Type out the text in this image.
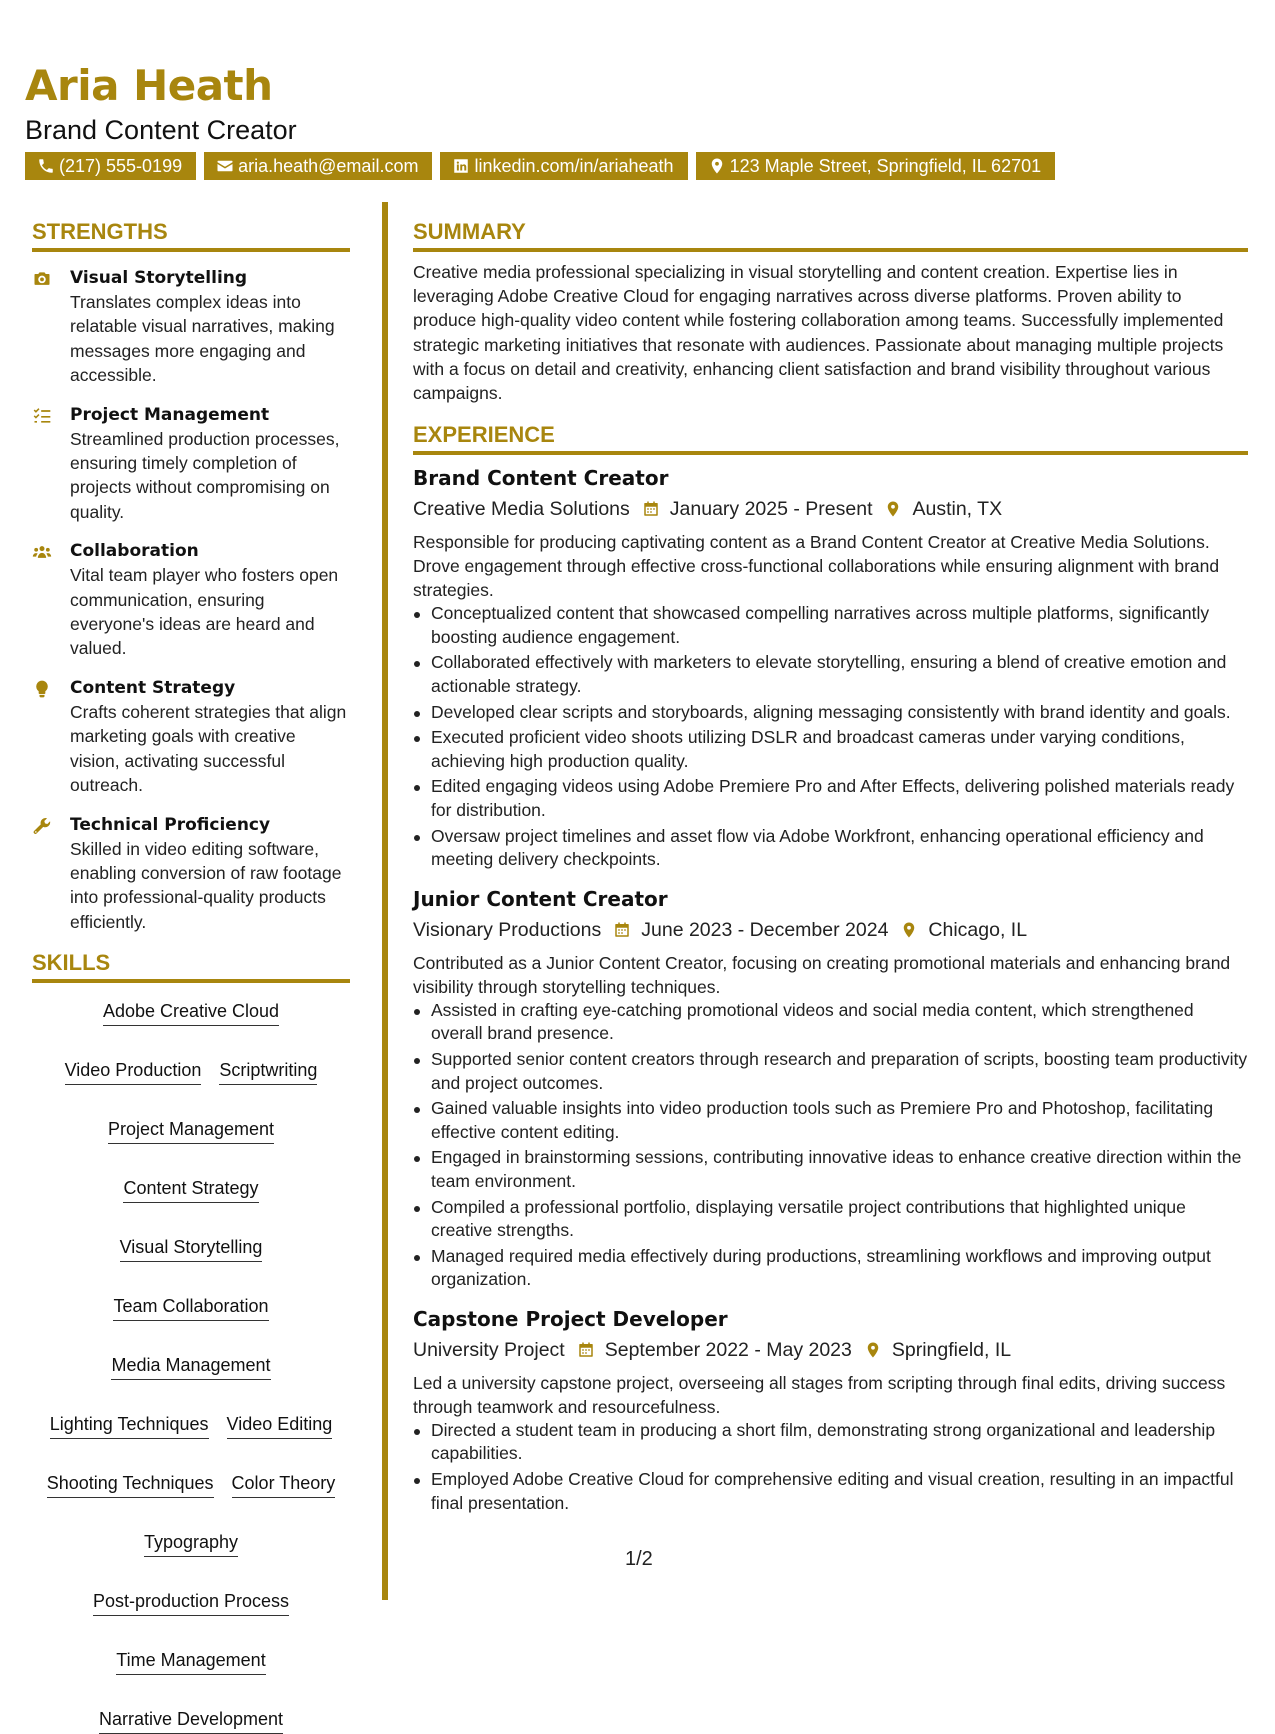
Aria Heath
Brand Content Creator
(217) 555-0199	aria.heath@email.com	linkedin.com/in/ariaheath	123 Maple Street, Springfield, IL 62701
STRENGTHS
Visual Storytelling
Translates complex ideas into relatable visual narratives, making messages more engaging and accessible.
Project Management
Streamlined production processes, ensuring timely completion of projects without compromising on quality.
Collaboration
Vital team player who fosters open communication, ensuring everyone's ideas are heard and valued.
Content Strategy
Crafts coherent strategies that align marketing goals with creative vision, activating successful outreach.
Technical Proficiency
Skilled in video editing software, enabling conversion of raw footage into professional-quality products efficiently.
SKILLS
Adobe Creative Cloud
Video Production Scriptwriting
Project Management
Content Strategy
Visual Storytelling
Team Collaboration
Media Management
Lighting Techniques Video Editing
Shooting Techniques Color Theory
Typography
Post-production Process
Time Management
Narrative Development
SUMMARY

Creative media professional specializing in visual storytelling and content creation. Expertise lies in leveraging Adobe Creative Cloud for engaging narratives across diverse platforms. Proven ability to produce high-quality video content while fostering collaboration among teams. Successfully implemented strategic marketing initiatives that resonate with audiences. Passionate about managing multiple projects with a focus on detail and creativity, enhancing client satisfaction and brand visibility throughout various campaigns.

EXPERIENCE
Brand Content Creator
Creative Media Solutions January 2025 - Present Austin, TX

Responsible for producing captivating content as a Brand Content Creator at Creative Media Solutions. Drove engagement through effective cross-functional collaborations while ensuring alignment with brand strategies.

Conceptualized content that showcased compelling narratives across multiple platforms, significantly boosting audience engagement.
Collaborated effectively with marketers to elevate storytelling, ensuring a blend of creative emotion and actionable strategy.
Developed clear scripts and storyboards, aligning messaging consistently with brand identity and goals.
Executed proficient video shoots utilizing DSLR and broadcast cameras under varying conditions, achieving high production quality.
Edited engaging videos using Adobe Premiere Pro and After Effects, delivering polished materials ready for distribution.
Oversaw project timelines and asset flow via Adobe Workfront, enhancing operational efficiency and meeting delivery checkpoints.
Junior Content Creator
Visionary Productions June 2023 - December 2024 Chicago, IL

Contributed as a Junior Content Creator, focusing on creating promotional materials and enhancing brand visibility through storytelling techniques.

Assisted in crafting eye-catching promotional videos and social media content, which strengthened overall brand presence.
Supported senior content creators through research and preparation of scripts, boosting team productivity and project outcomes.
Gained valuable insights into video production tools such as Premiere Pro and Photoshop, facilitating effective content editing.
Engaged in brainstorming sessions, contributing innovative ideas to enhance creative direction within the team environment.
Compiled a professional portfolio, displaying versatile project contributions that highlighted unique creative strengths.
Managed required media effectively during productions, streamlining workflows and improving output organization.
Capstone Project Developer
University Project September 2022 - May 2023 Springfield, IL

Led a university capstone project, overseeing all stages from scripting through final edits, driving success through teamwork and resourcefulness.

Directed a student team in producing a short film, demonstrating strong organizational and leadership capabilities.
Employed Adobe Creative Cloud for comprehensive editing and visual creation, resulting in an impactful final presentation.
1/2
